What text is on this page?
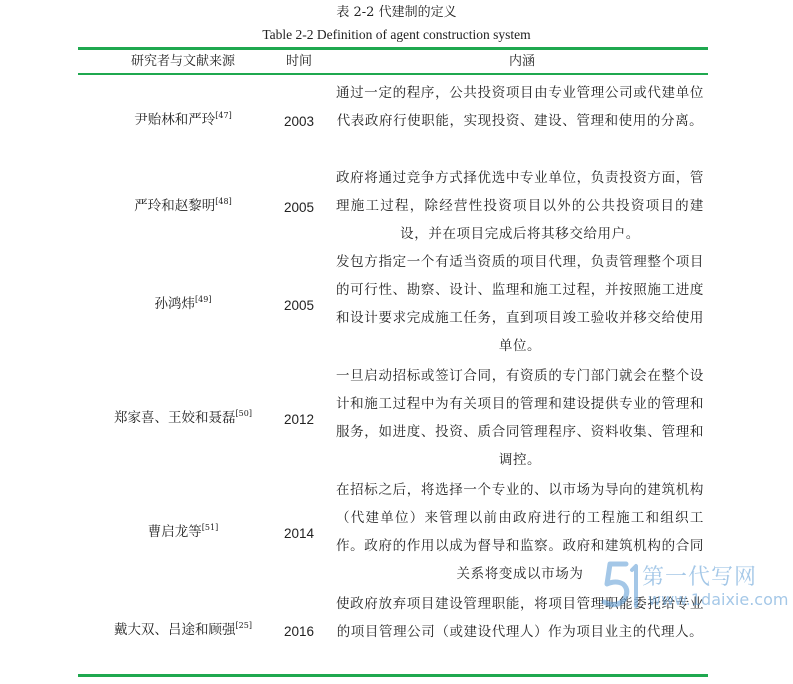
表 2-2 代建制的定义
Table 2-2 Definition of agent construction system
研究者与文献来源	时间	内涵
尹贻林和严玲[47]	2003
通过一定的程序，公共投资项目由专业管理公司或代建单位代表政府行使职能，实现投资、建设、管理和使用的分离。
严玲和赵黎明[48]	2005
政府将通过竞争方式择优选中专业单位，负责投资方面，管理施工过程，除经营性投资项目以外的公共投资项目的建设，并在项目完成后将其移交给用户。
孙鸿炜[49]	2005
发包方指定一个有适当资质的项目代理，负责管理整个项目的可行性、勘察、设计、监理和施工过程，并按照施工进度和设计要求完成施工任务，直到项目竣工验收并移交给使用单位。
郑家喜、王姣和聂磊[50]	2012
一旦启动招标或签订合同，有资质的专门部门就会在整个设计和施工过程中为有关项目的管理和建设提供专业的管理和服务，如进度、投资、质合同管理程序、资料收集、管理和调控。
曹启龙等[51]	2014
在招标之后，将选择一个专业的、以市场为导向的建筑机构（代建单位）来管理以前由政府进行的工程施工和组织工作。政府的作用以成为督导和监察。政府和建筑机构的合同关系将变成以市场为
戴大双、吕途和顾强[25]	2016
使政府放弃项目建设管理职能，将项目管理职能委托给专业的项目管理公司（或建设代理人）作为项目业主的代理人。
第一代写网
www.1daixie.com
